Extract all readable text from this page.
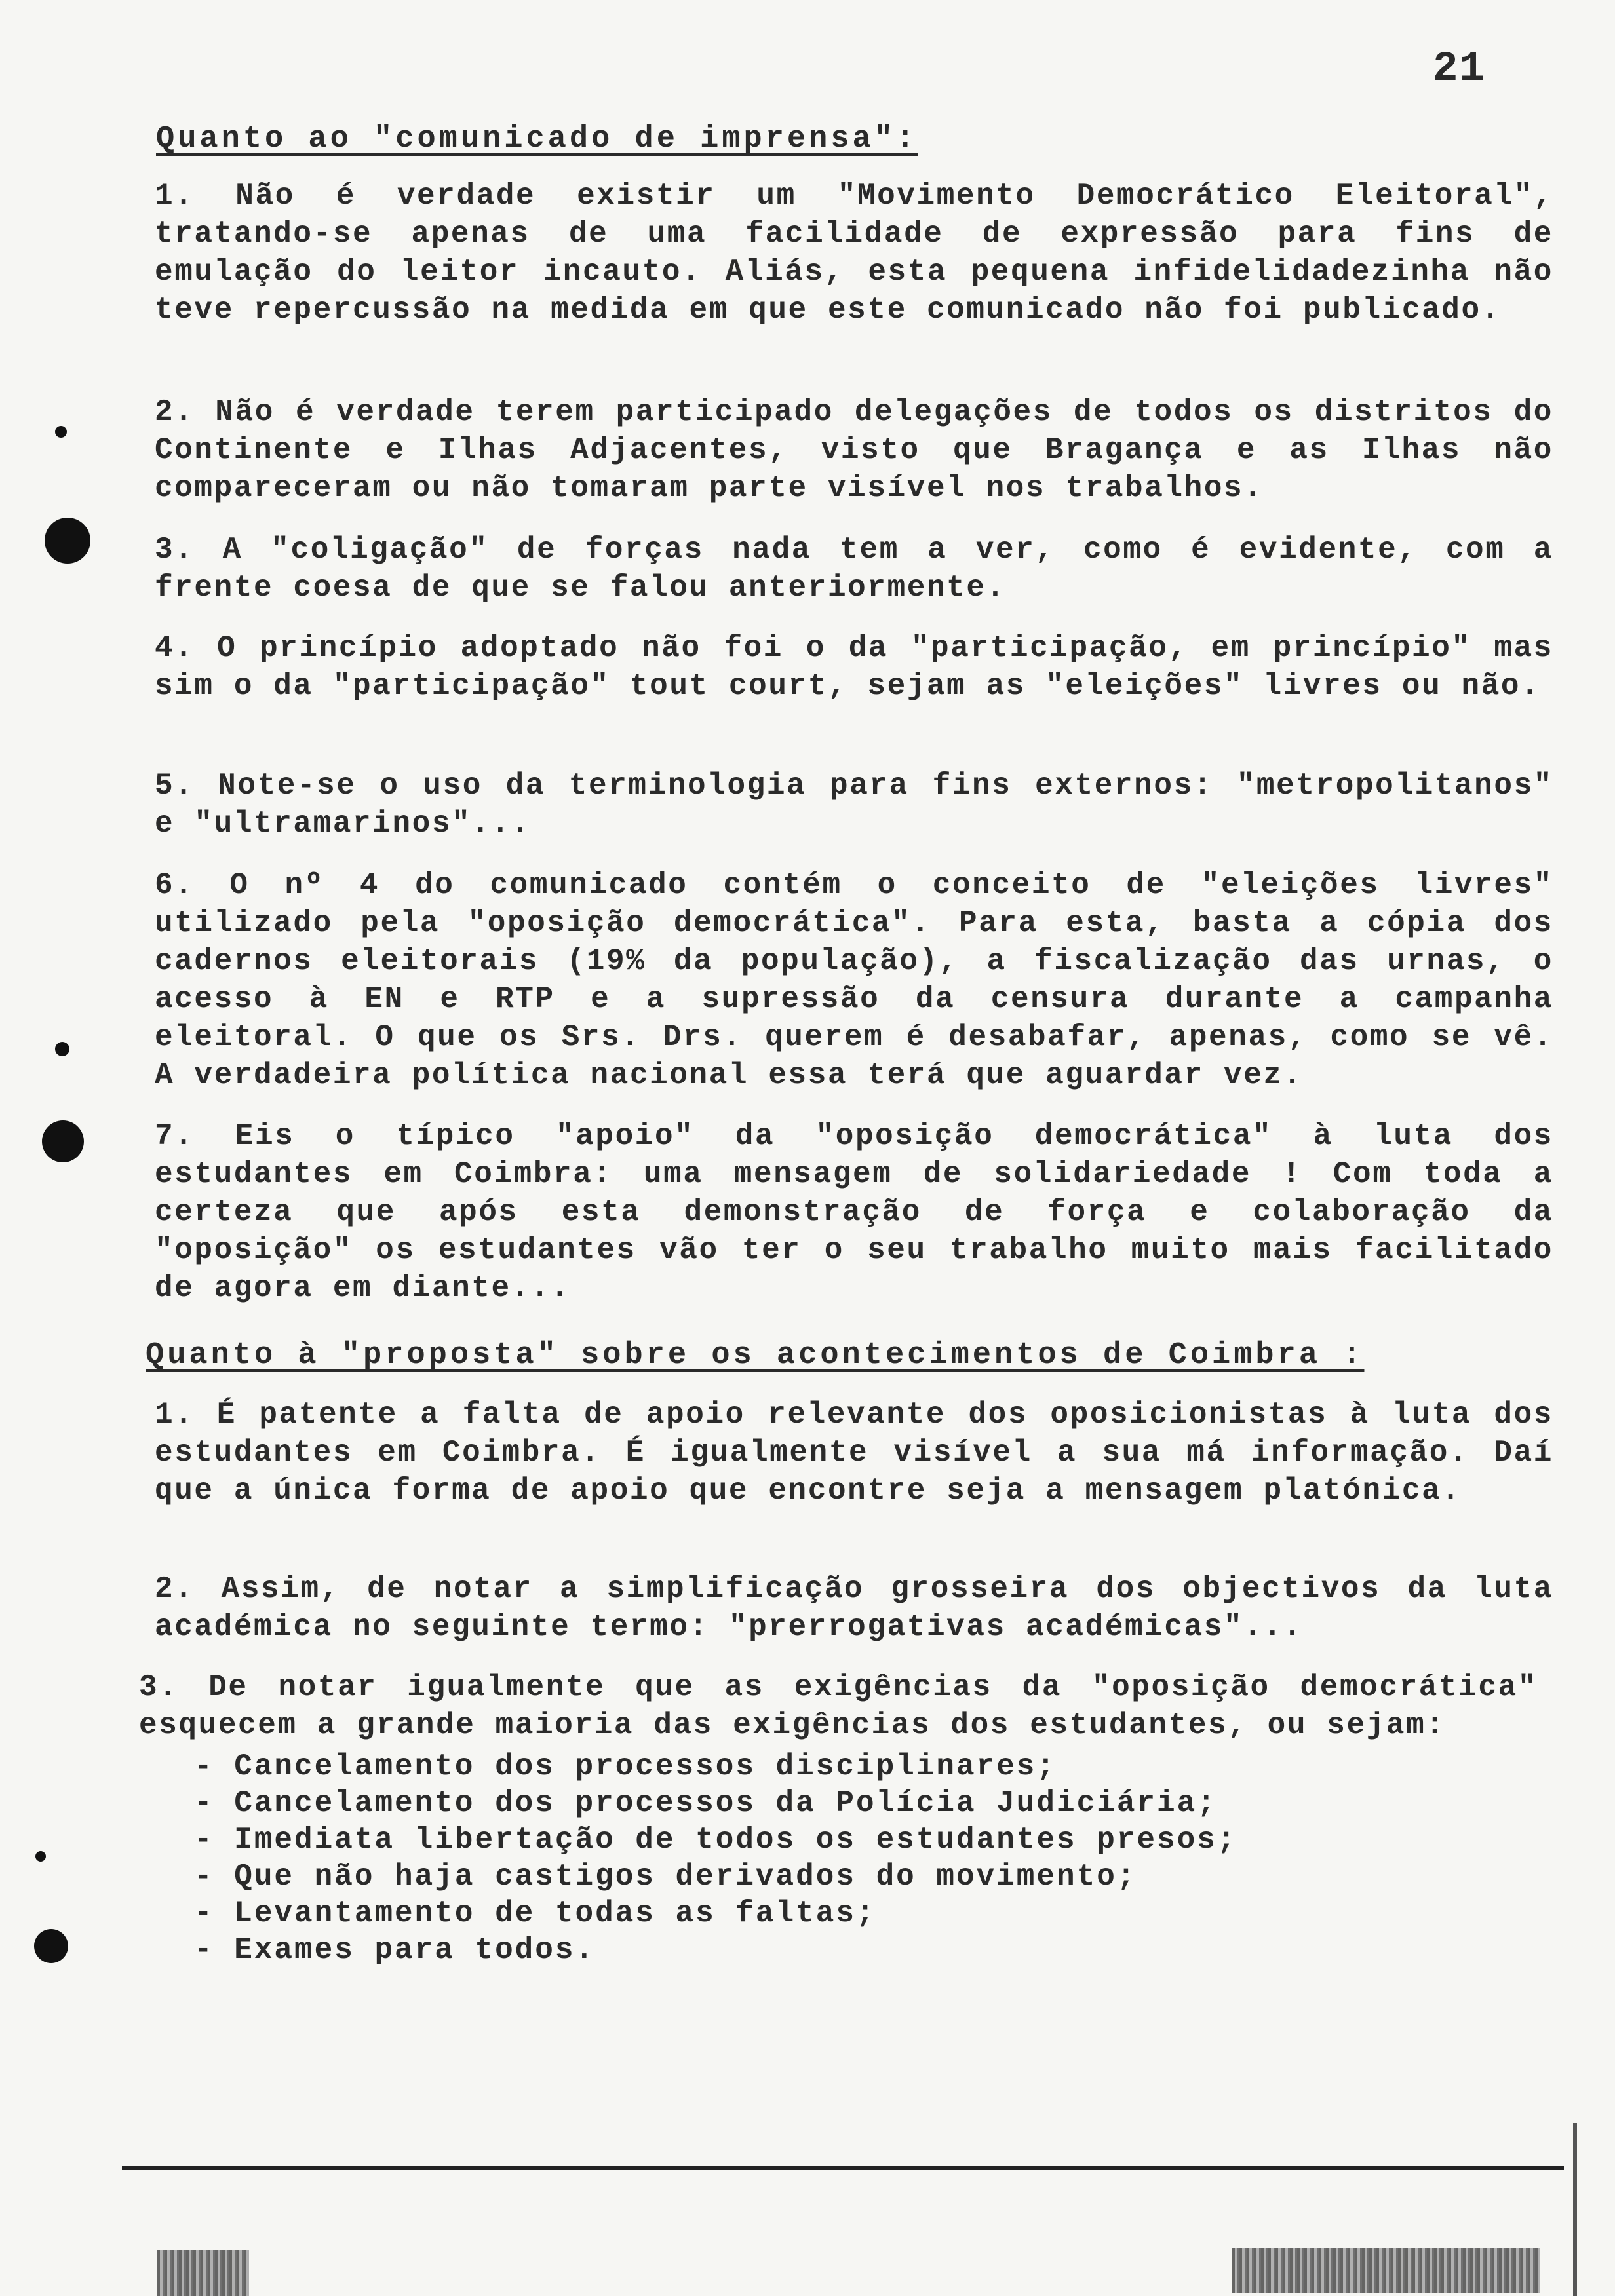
21
Quanto ao "comunicado de imprensa":

1. Não é verdade existir um "Movimento Democrático Eleitoral", tratando-se apenas de uma facilidade de expressão para fins de emulação do leitor incauto. Aliás, esta pequena infidelidadezinha não teve repercussão na medida em que este comunicado não foi publicado.

2. Não é verdade terem participado delegações de todos os distritos do Continente e Ilhas Adjacentes, visto que Bragança e as Ilhas não compareceram ou não tomaram parte visível nos trabalhos.

3. A "coligação" de forças nada tem a ver, como é evidente, com a frente coesa de que se falou anteriormente.

4. O princípio adoptado não foi o da "participação, em princípio" mas sim o da "participação" tout court, sejam as "eleições" livres ou não.

5. Note-se o uso da terminologia para fins externos: "metropolitanos" e "ultramarinos"...

6. O nº 4 do comunicado contém o conceito de "eleições livres" utilizado pela "oposição democrática". Para esta, basta a cópia dos cadernos eleitorais (19% da população), a fiscalização das urnas, o acesso à EN e RTP e a supressão da censura durante a campanha eleitoral. O que os Srs. Drs. querem é desabafar, apenas, como se vê. A verdadeira política nacional essa terá que aguardar vez.

7. Eis o típico "apoio" da "oposição democrática" à luta dos estudantes em Coimbra: uma mensagem de solidariedade ! Com toda a certeza que após esta demonstração de força e colaboração da "oposição" os estudantes vão ter o seu trabalho muito mais facilitado de agora em diante...

Quanto à "proposta" sobre os acontecimentos de Coimbra :

1. É patente a falta de apoio relevante dos oposicionistas à luta dos estudantes em Coimbra. É igualmente visível a sua má informação. Daí que a única forma de apoio que encontre seja a mensagem platónica.

2. Assim, de notar a simplificação grosseira dos objectivos da luta académica no seguinte termo: "prerrogativas académicas"...

3. De notar igualmente que as exigências da "oposição democrática" esquecem a grande maioria das exigências dos estudantes, ou sejam:

- Cancelamento dos processos disciplinares;
- Cancelamento dos processos da Polícia Judiciária;
- Imediata libertação de todos os estudantes presos;
- Que não haja castigos derivados do movimento;
- Levantamento de todas as faltas;
- Exames para todos.
